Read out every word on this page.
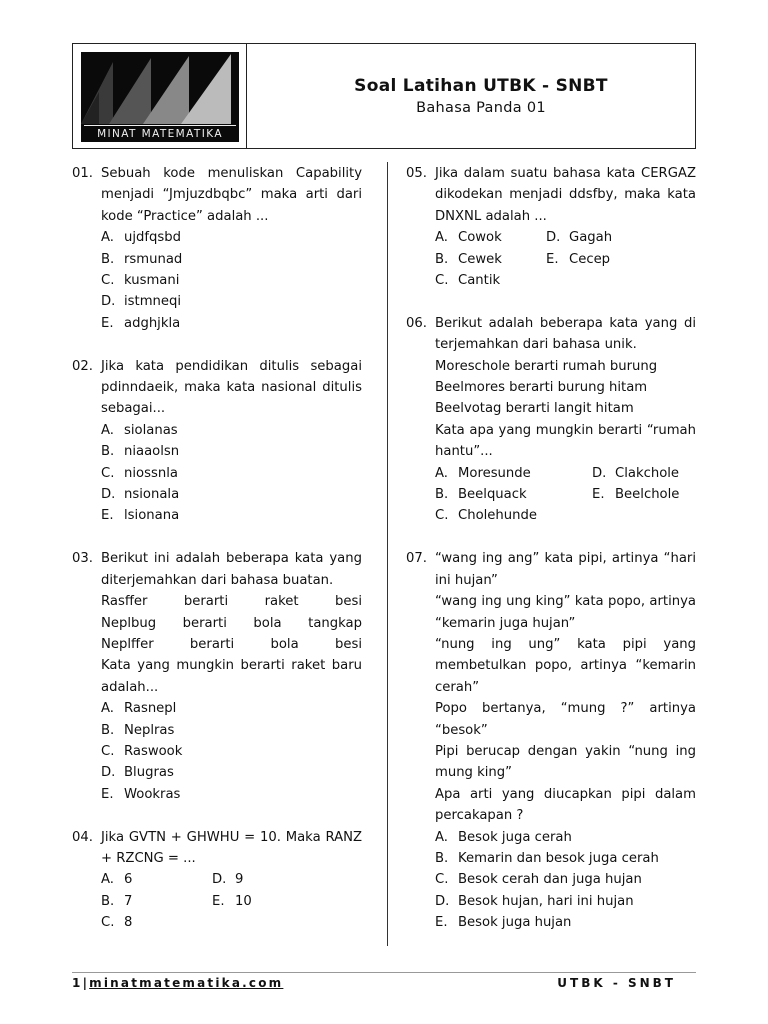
MINAT MATEMATIKA
Soal Latihan UTBK - SNBT
Bahasa Panda 01
01. Sebuah kode menuliskan Capability menjadi “Jmjuzdbqbc” maka arti dari kode “Practice” adalah ...
A. ujdfqsbd
B. rsmunad
C. kusmani
D. istmneqi
E. adghjkla
02. Jika kata pendidikan ditulis sebagai pdinndaeik, maka kata nasional ditulis sebagai...
A. siolanas
B. niaaolsn
C. niossnla
D. nsionala
E. lsionana
03. Berikut ini adalah beberapa kata yang diterjemahkan dari bahasa buatan.
Rasffer berarti raket besi
Neplbug berarti bola tangkap
Neplffer berarti bola besi
Kata yang mungkin berarti raket baru adalah...
A. Rasnepl
B. Neplras
C. Raswook
D. Blugras
E. Wookras
04. Jika GVTN + GHWHU = 10. Maka RANZ + RZCNG = ...
A. 6	D. 9
B. 7	E. 10
C. 8
05. Jika dalam suatu bahasa kata CERGAZ dikodekan menjadi ddsfby, maka kata DNXNL adalah ...
A. Cowok	D. Gagah
B. Cewek	E. Cecep
C. Cantik
06. Berikut adalah beberapa kata yang di terjemahkan dari bahasa unik.
Moreschole berarti rumah burung
Beelmores berarti burung hitam
Beelvotag berarti langit hitam
Kata apa yang mungkin berarti “rumah hantu”...
A. Moresunde	D. Clakchole
B. Beelquack	E. Beelchole
C. Cholehunde
07. “wang ing ang” kata pipi, artinya “hari ini hujan”
“wang ing ung king” kata popo, artinya “kemarin juga hujan”
“nung ing ung” kata pipi yang membetulkan popo, artinya “kemarin cerah”
Popo bertanya, “mung ?” artinya “besok”
Pipi berucap dengan yakin “nung ing mung king”
Apa arti yang diucapkan pipi dalam percakapan ?
A. Besok juga cerah
B. Kemarin dan besok juga cerah
C. Besok cerah dan juga hujan
D. Besok hujan, hari ini hujan
E. Besok juga hujan
1|minatmatematika.com	UTBK - SNBT
